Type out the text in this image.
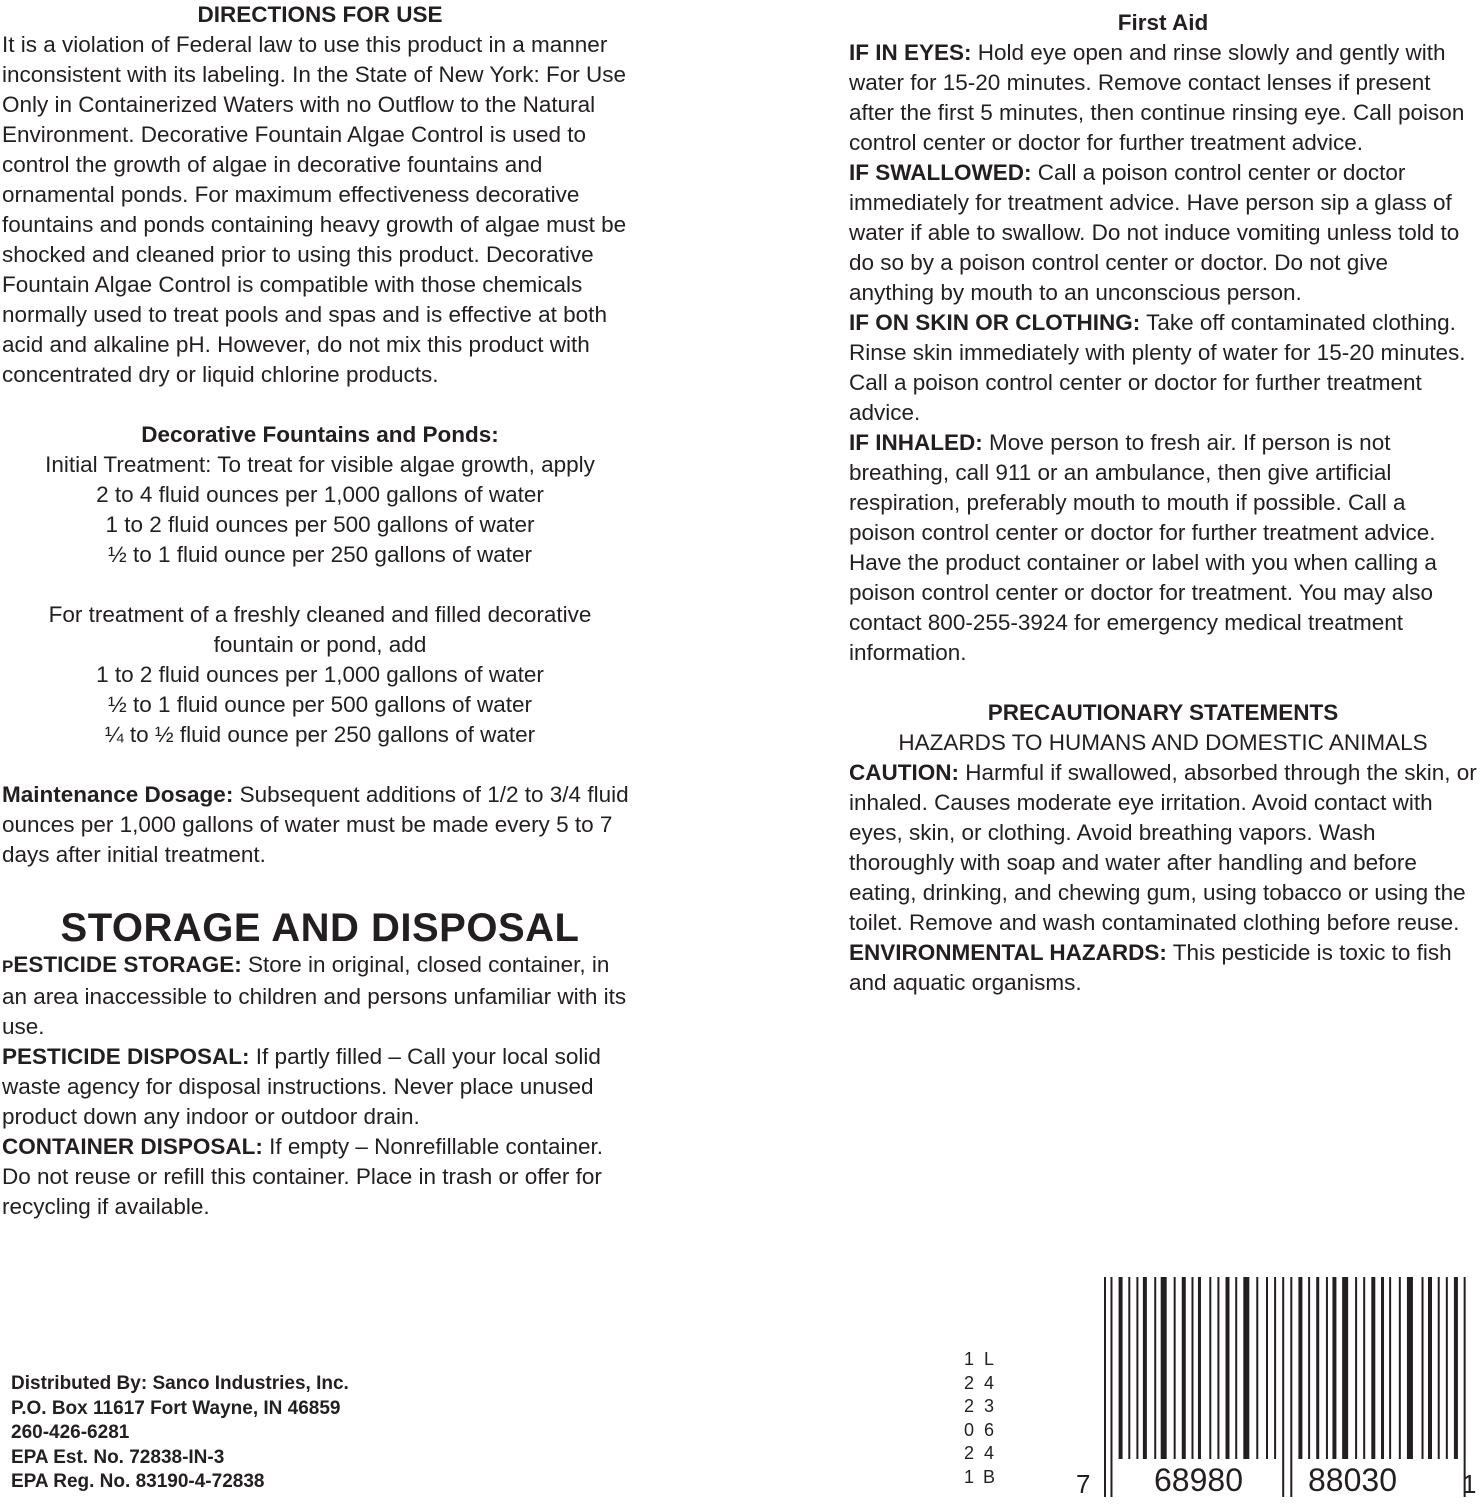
DIRECTIONS FOR USE

It is a violation of Federal law to use this product in a manner inconsistent with its labeling. In the State of New York: For Use Only in Containerized Waters with no Outflow to the Natural Environment. Decorative Fountain Algae Control is used to control the growth of algae in decorative fountains and ornamental ponds. For maximum effectiveness decorative fountains and ponds containing heavy growth of algae must be shocked and cleaned prior to using this product. Decorative Fountain Algae Control is compatible with those chemicals normally used to treat pools and spas and is effective at both acid and alkaline pH. However, do not mix this product with concentrated dry or liquid chlorine products.

Decorative Fountains and Ponds:

Initial Treatment: To treat for visible algae growth, apply

2 to 4 fluid ounces per 1,000 gallons of water

1 to 2 fluid ounces per 500 gallons of water

½ to 1 fluid ounce per 250 gallons of water

For treatment of a freshly cleaned and filled decorative

fountain or pond, add

1 to 2 fluid ounces per 1,000 gallons of water

½ to 1 fluid ounce per 500 gallons of water

¼ to ½ fluid ounce per 250 gallons of water

Maintenance Dosage: Subsequent additions of 1/2 to 3/4 fluid ounces per 1,000 gallons of water must be made every 5 to 7 days after initial treatment.

STORAGE AND DISPOSAL

PESTICIDE STORAGE: Store in original, closed container, in an area inaccessible to children and persons unfamiliar with its use.

PESTICIDE DISPOSAL: If partly filled – Call your local solid waste agency for disposal instructions. Never place unused product down any indoor or outdoor drain.

CONTAINER DISPOSAL: If empty – Nonrefillable container. Do not reuse or refill this container. Place in trash or offer for recycling if available.

Distributed By: Sanco Industries, Inc.

P.O. Box 11617 Fort Wayne, IN 46859

260-426-6281

EPA Est. No. 72838-IN-3

EPA Reg. No. 83190-4-72838

First Aid

IF IN EYES: Hold eye open and rinse slowly and gently with water for 15-20 minutes. Remove contact lenses if present after the first 5 minutes, then continue rinsing eye. Call poison control center or doctor for further treatment advice.

IF SWALLOWED: Call a poison control center or doctor immediately for treatment advice. Have person sip a glass of water if able to swallow. Do not induce vomiting unless told to do so by a poison control center or doctor. Do not give anything by mouth to an unconscious person.

IF ON SKIN OR CLOTHING: Take off contaminated clothing. Rinse skin immediately with plenty of water for 15-20 minutes. Call a poison control center or doctor for further treatment advice.

IF INHALED: Move person to fresh air. If person is not breathing, call 911 or an ambulance, then give artificial respiration, preferably mouth to mouth if possible. Call a poison control center or doctor for further treatment advice. Have the product container or label with you when calling a poison control center or doctor for treatment. You may also contact 800-255-3924 for emergency medical treatment information.

PRECAUTIONARY STATEMENTS

HAZARDS TO HUMANS AND DOMESTIC ANIMALS

CAUTION: Harmful if swallowed, absorbed through the skin, or inhaled. Causes moderate eye irritation. Avoid contact with eyes, skin, or clothing. Avoid breathing vapors. Wash thoroughly with soap and water after handling and before eating, drinking, and chewing gum, using tobacco or using the toilet. Remove and wash contaminated clothing before reuse.

ENVIRONMENTAL HAZARDS: This pesticide is toxic to fish and aquatic organisms.

1
2
2
0
2
1
L
4
3
6
4
B	7 68980 88030	1
